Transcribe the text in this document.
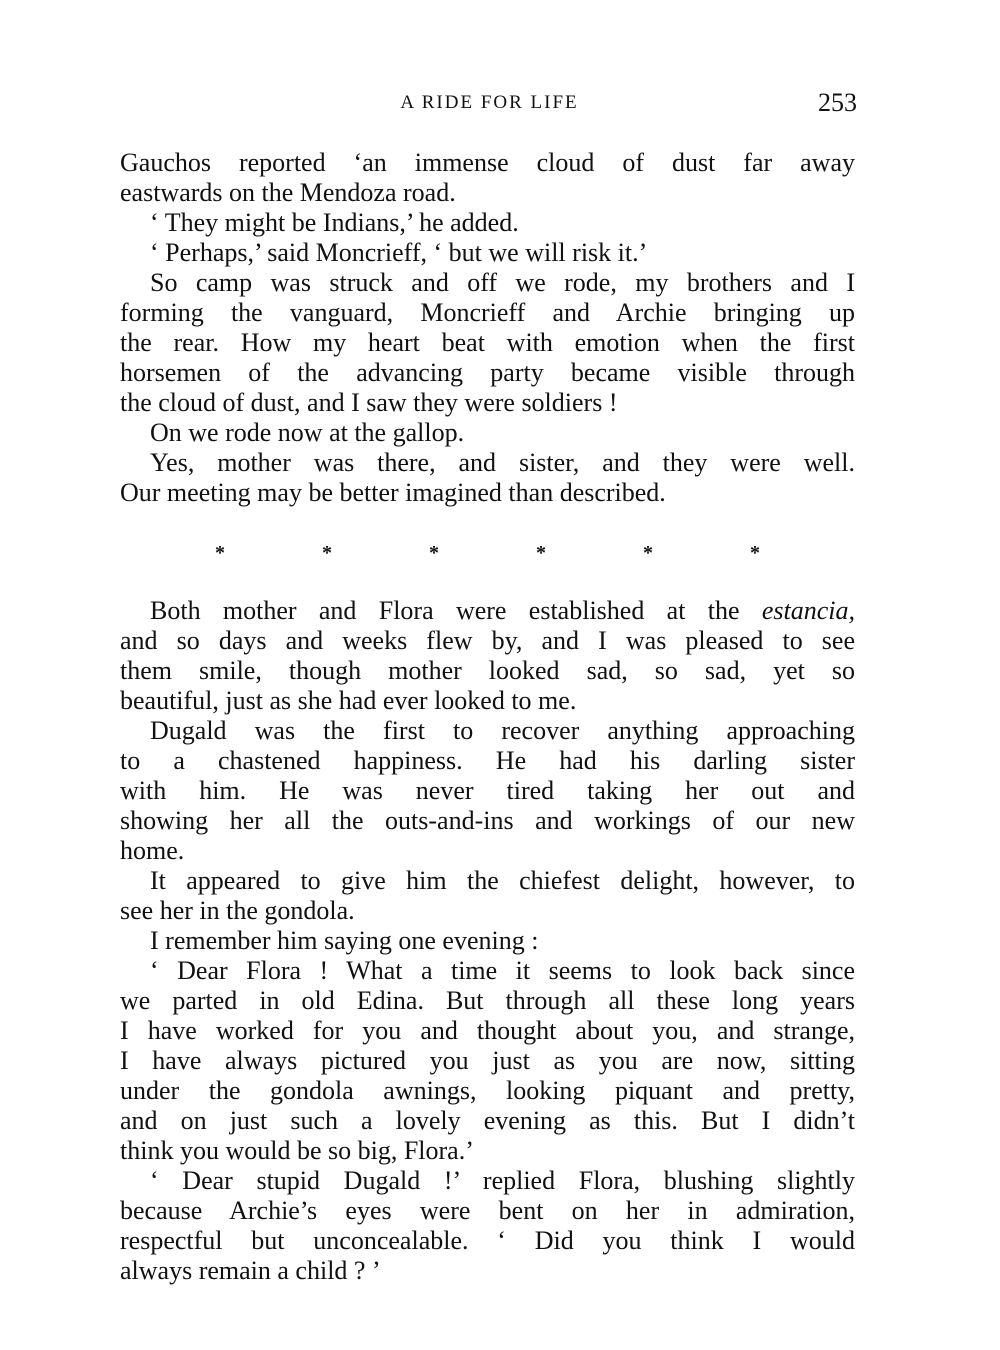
A RIDE FOR LIFE	253
Gauchos reported ‘an immense cloud of dust far away
eastwards on the Mendoza road.
‘ They might be Indians,’ he added.
‘ Perhaps,’ said Moncrieff, ‘ but we will risk it.’
So camp was struck and off we rode, my brothers and I
forming the vanguard, Moncrieff and Archie bringing up
the rear. How my heart beat with emotion when the first
horsemen of the advancing party became visible through
the cloud of dust, and I saw they were soldiers !
On we rode now at the gallop.
Yes, mother was there, and sister, and they were well.
Our meeting may be better imagined than described.
*	*	*	*	*	*
Both mother and Flora were established at the estancia,
and so days and weeks flew by, and I was pleased to see
them smile, though mother looked sad, so sad, yet so
beautiful, just as she had ever looked to me.
Dugald was the first to recover anything approaching
to a chastened happiness. He had his darling sister
with him. He was never tired taking her out and
showing her all the outs-and-ins and workings of our new
home.
It appeared to give him the chiefest delight, however, to
see her in the gondola.
I remember him saying one evening :
‘ Dear Flora ! What a time it seems to look back since
we parted in old Edina. But through all these long years
I have worked for you and thought about you, and strange,
I have always pictured you just as you are now, sitting
under the gondola awnings, looking piquant and pretty,
and on just such a lovely evening as this. But I didn’t
think you would be so big, Flora.’
‘ Dear stupid Dugald !’ replied Flora, blushing slightly
because Archie’s eyes were bent on her in admiration,
respectful but unconcealable. ‘ Did you think I would
always remain a child ? ’
